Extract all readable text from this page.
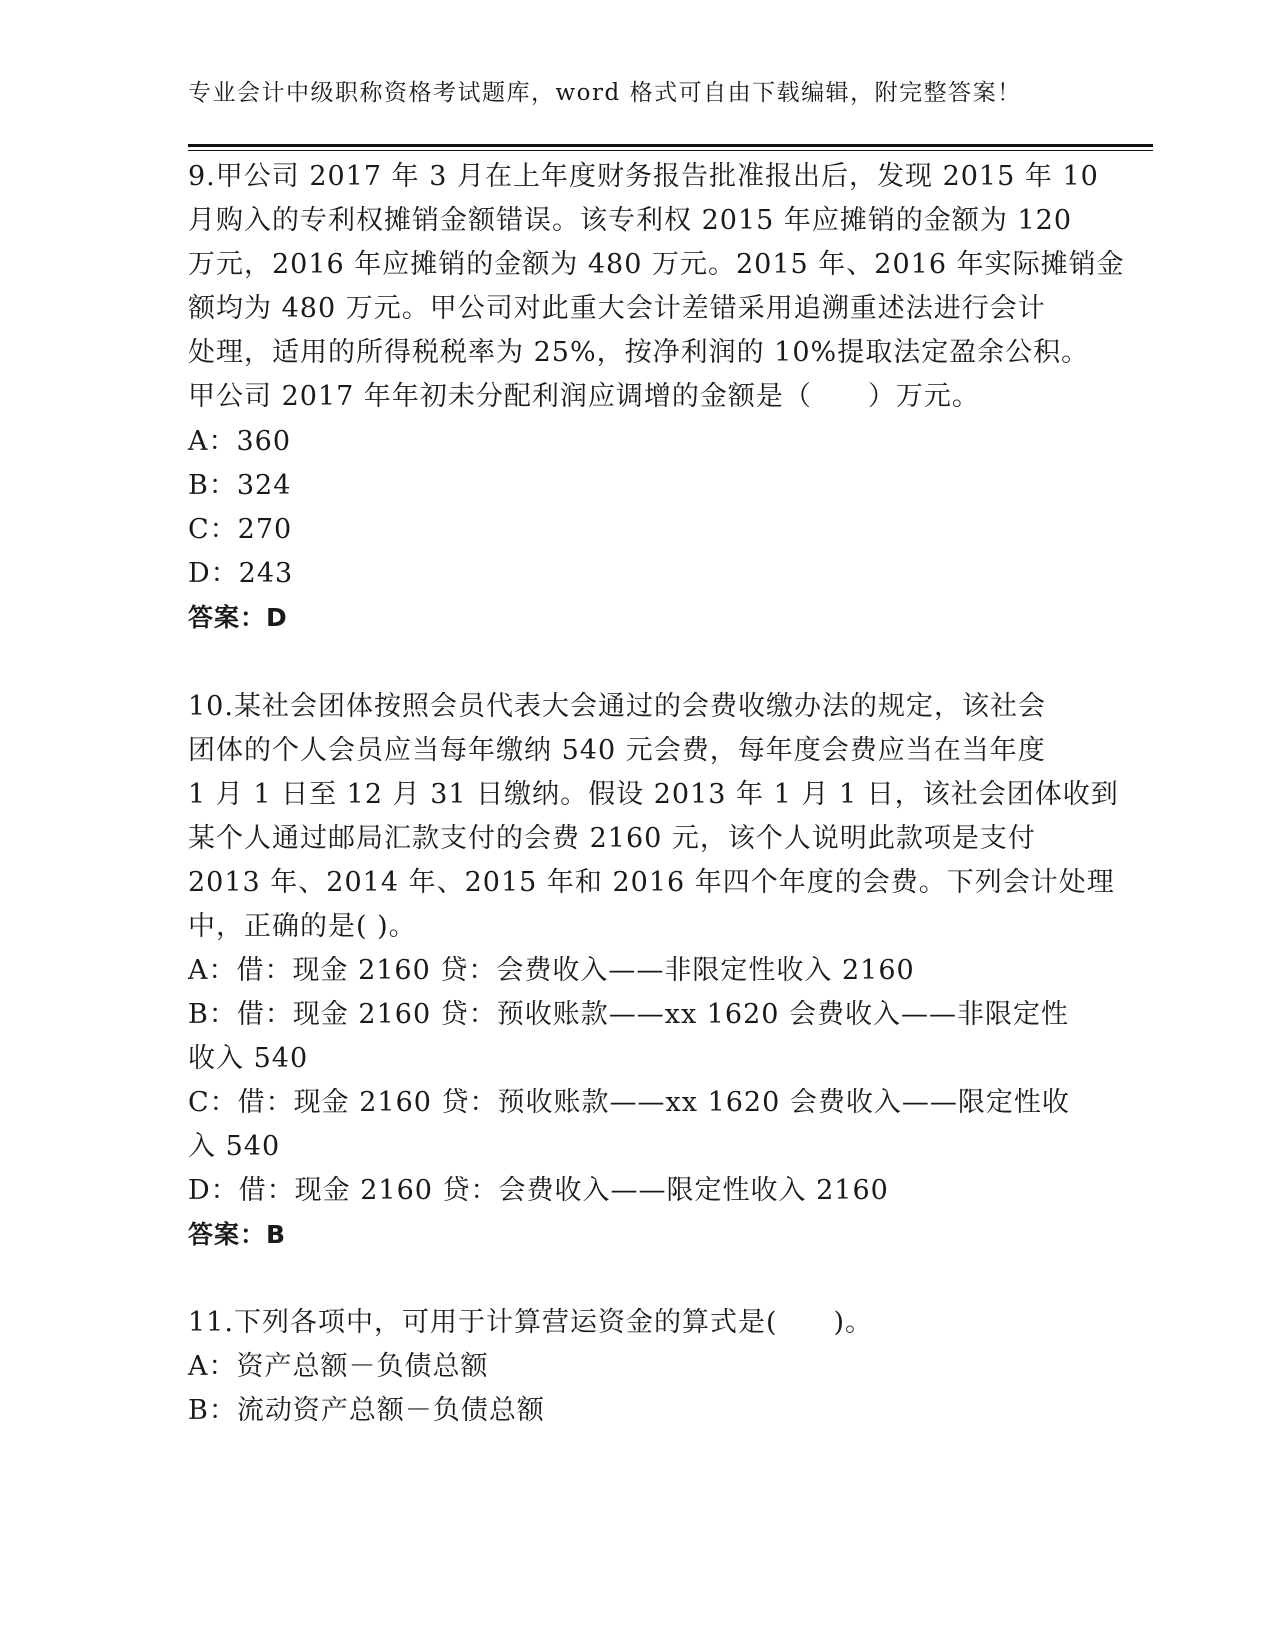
专业会计中级职称资格考试题库，word 格式可自由下载编辑，附完整答案！
9.甲公司 2017 年 3 月在上年度财务报告批准报出后，发现 2015 年 10
月购入的专利权摊销金额错误。该专利权 2015 年应摊销的金额为 120
万元，2016 年应摊销的金额为 480 万元。2015 年、2016 年实际摊销金
额均为 480 万元。甲公司对此重大会计差错采用追溯重述法进行会计
处理，适用的所得税税率为 25%，按净利润的 10%提取法定盈余公积。
甲公司 2017 年年初未分配利润应调增的金额是（　　）万元。
A：360
B：324
C：270
D：243
答案：D
10.某社会团体按照会员代表大会通过的会费收缴办法的规定，该社会
团体的个人会员应当每年缴纳 540 元会费，每年度会费应当在当年度
1 月 1 日至 12 月 31 日缴纳。假设 2013 年 1 月 1 日，该社会团体收到
某个人通过邮局汇款支付的会费 2160 元，该个人说明此款项是支付
2013 年、2014 年、2015 年和 2016 年四个年度的会费。下列会计处理
中，正确的是( )。
A：借：现金 2160 贷：会费收入——非限定性收入 2160
B：借：现金 2160 贷：预收账款——xx 1620 会费收入——非限定性
收入 540
C：借：现金 2160 贷：预收账款——xx 1620 会费收入——限定性收
入 540
D：借：现金 2160 贷：会费收入——限定性收入 2160
答案：B
11.下列各项中，可用于计算营运资金的算式是(　　)。
A：资产总额－负债总额
B：流动资产总额－负债总额
